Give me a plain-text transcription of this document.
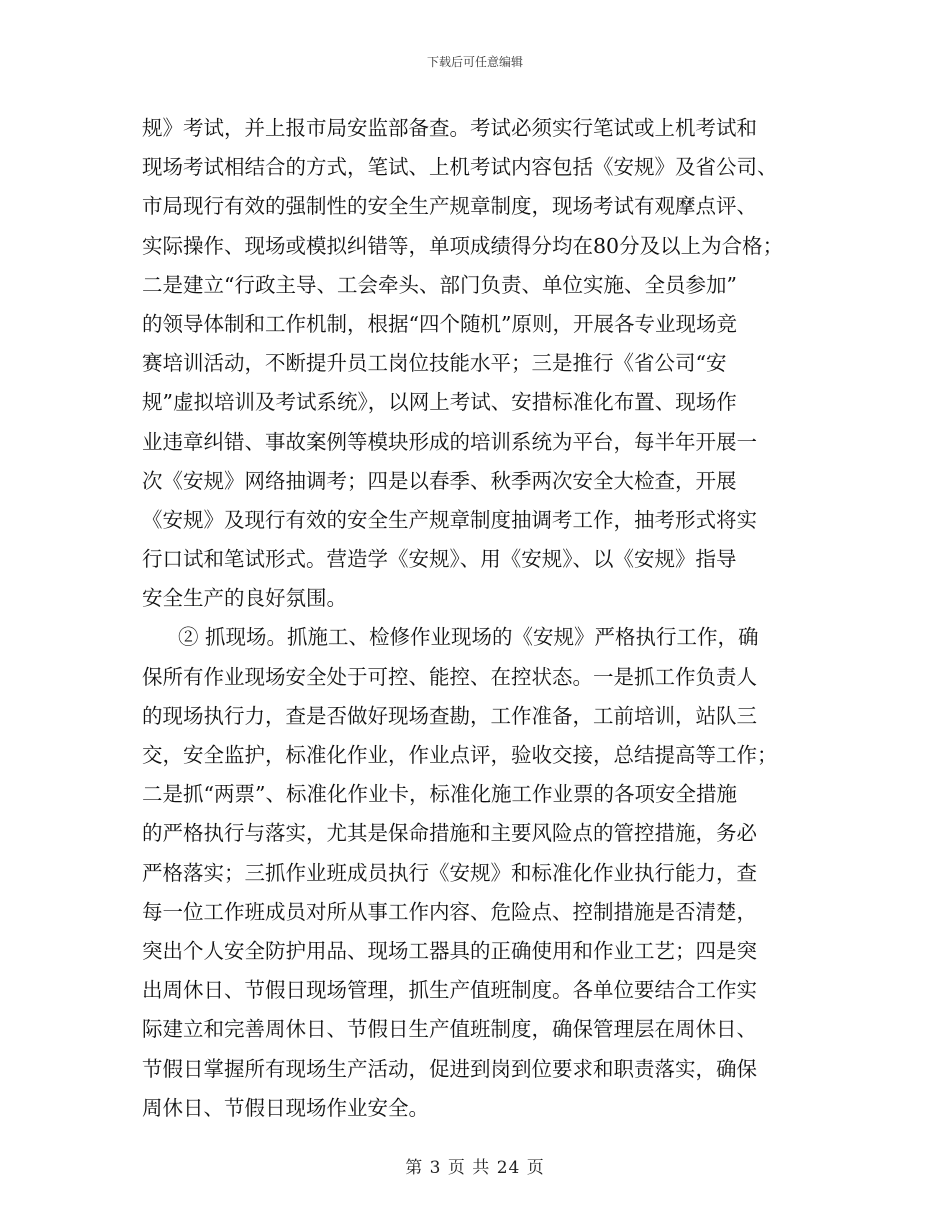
下载后可任意编辑
规》考试，并上报市局安监部备查。考试必须实行笔试或上机考试和
现场考试相结合的方式，笔试、上机考试内容包括《安规》及省公司、
市局现行有效的强制性的安全生产规章制度，现场考试有观摩点评、
实际操作、现场或模拟纠错等，单项成绩得分均在80分及以上为合格；
二是建立“行政主导、工会牵头、部门负责、单位实施、全员参加”
的领导体制和工作机制，根据“四个随机”原则，开展各专业现场竞
赛培训活动，不断提升员工岗位技能水平；三是推行《省公司“安
规”虚拟培训及考试系统》，以网上考试、安措标准化布置、现场作
业违章纠错、事故案例等模块形成的培训系统为平台，每半年开展一
次《安规》网络抽调考；四是以春季、秋季两次安全大检查，开展
《安规》及现行有效的安全生产规章制度抽调考工作，抽考形式将实
行口试和笔试形式。营造学《安规》、用《安规》、以《安规》指导
安全生产的良好氛围。
② 抓现场。抓施工、检修作业现场的《安规》严格执行工作，确
保所有作业现场安全处于可控、能控、在控状态。一是抓工作负责人
的现场执行力，查是否做好现场查勘，工作准备，工前培训，站队三
交，安全监护，标准化作业，作业点评，验收交接，总结提高等工作；
二是抓“两票”、标准化作业卡，标准化施工作业票的各项安全措施
的严格执行与落实，尤其是保命措施和主要风险点的管控措施，务必
严格落实；三抓作业班成员执行《安规》和标准化作业执行能力，查
每一位工作班成员对所从事工作内容、危险点、控制措施是否清楚，
突出个人安全防护用品、现场工器具的正确使用和作业工艺；四是突
出周休日、节假日现场管理，抓生产值班制度。各单位要结合工作实
际建立和完善周休日、节假日生产值班制度，确保管理层在周休日、
节假日掌握所有现场生产活动，促进到岗到位要求和职责落实，确保
周休日、节假日现场作业安全。
第 3 页 共 24 页
